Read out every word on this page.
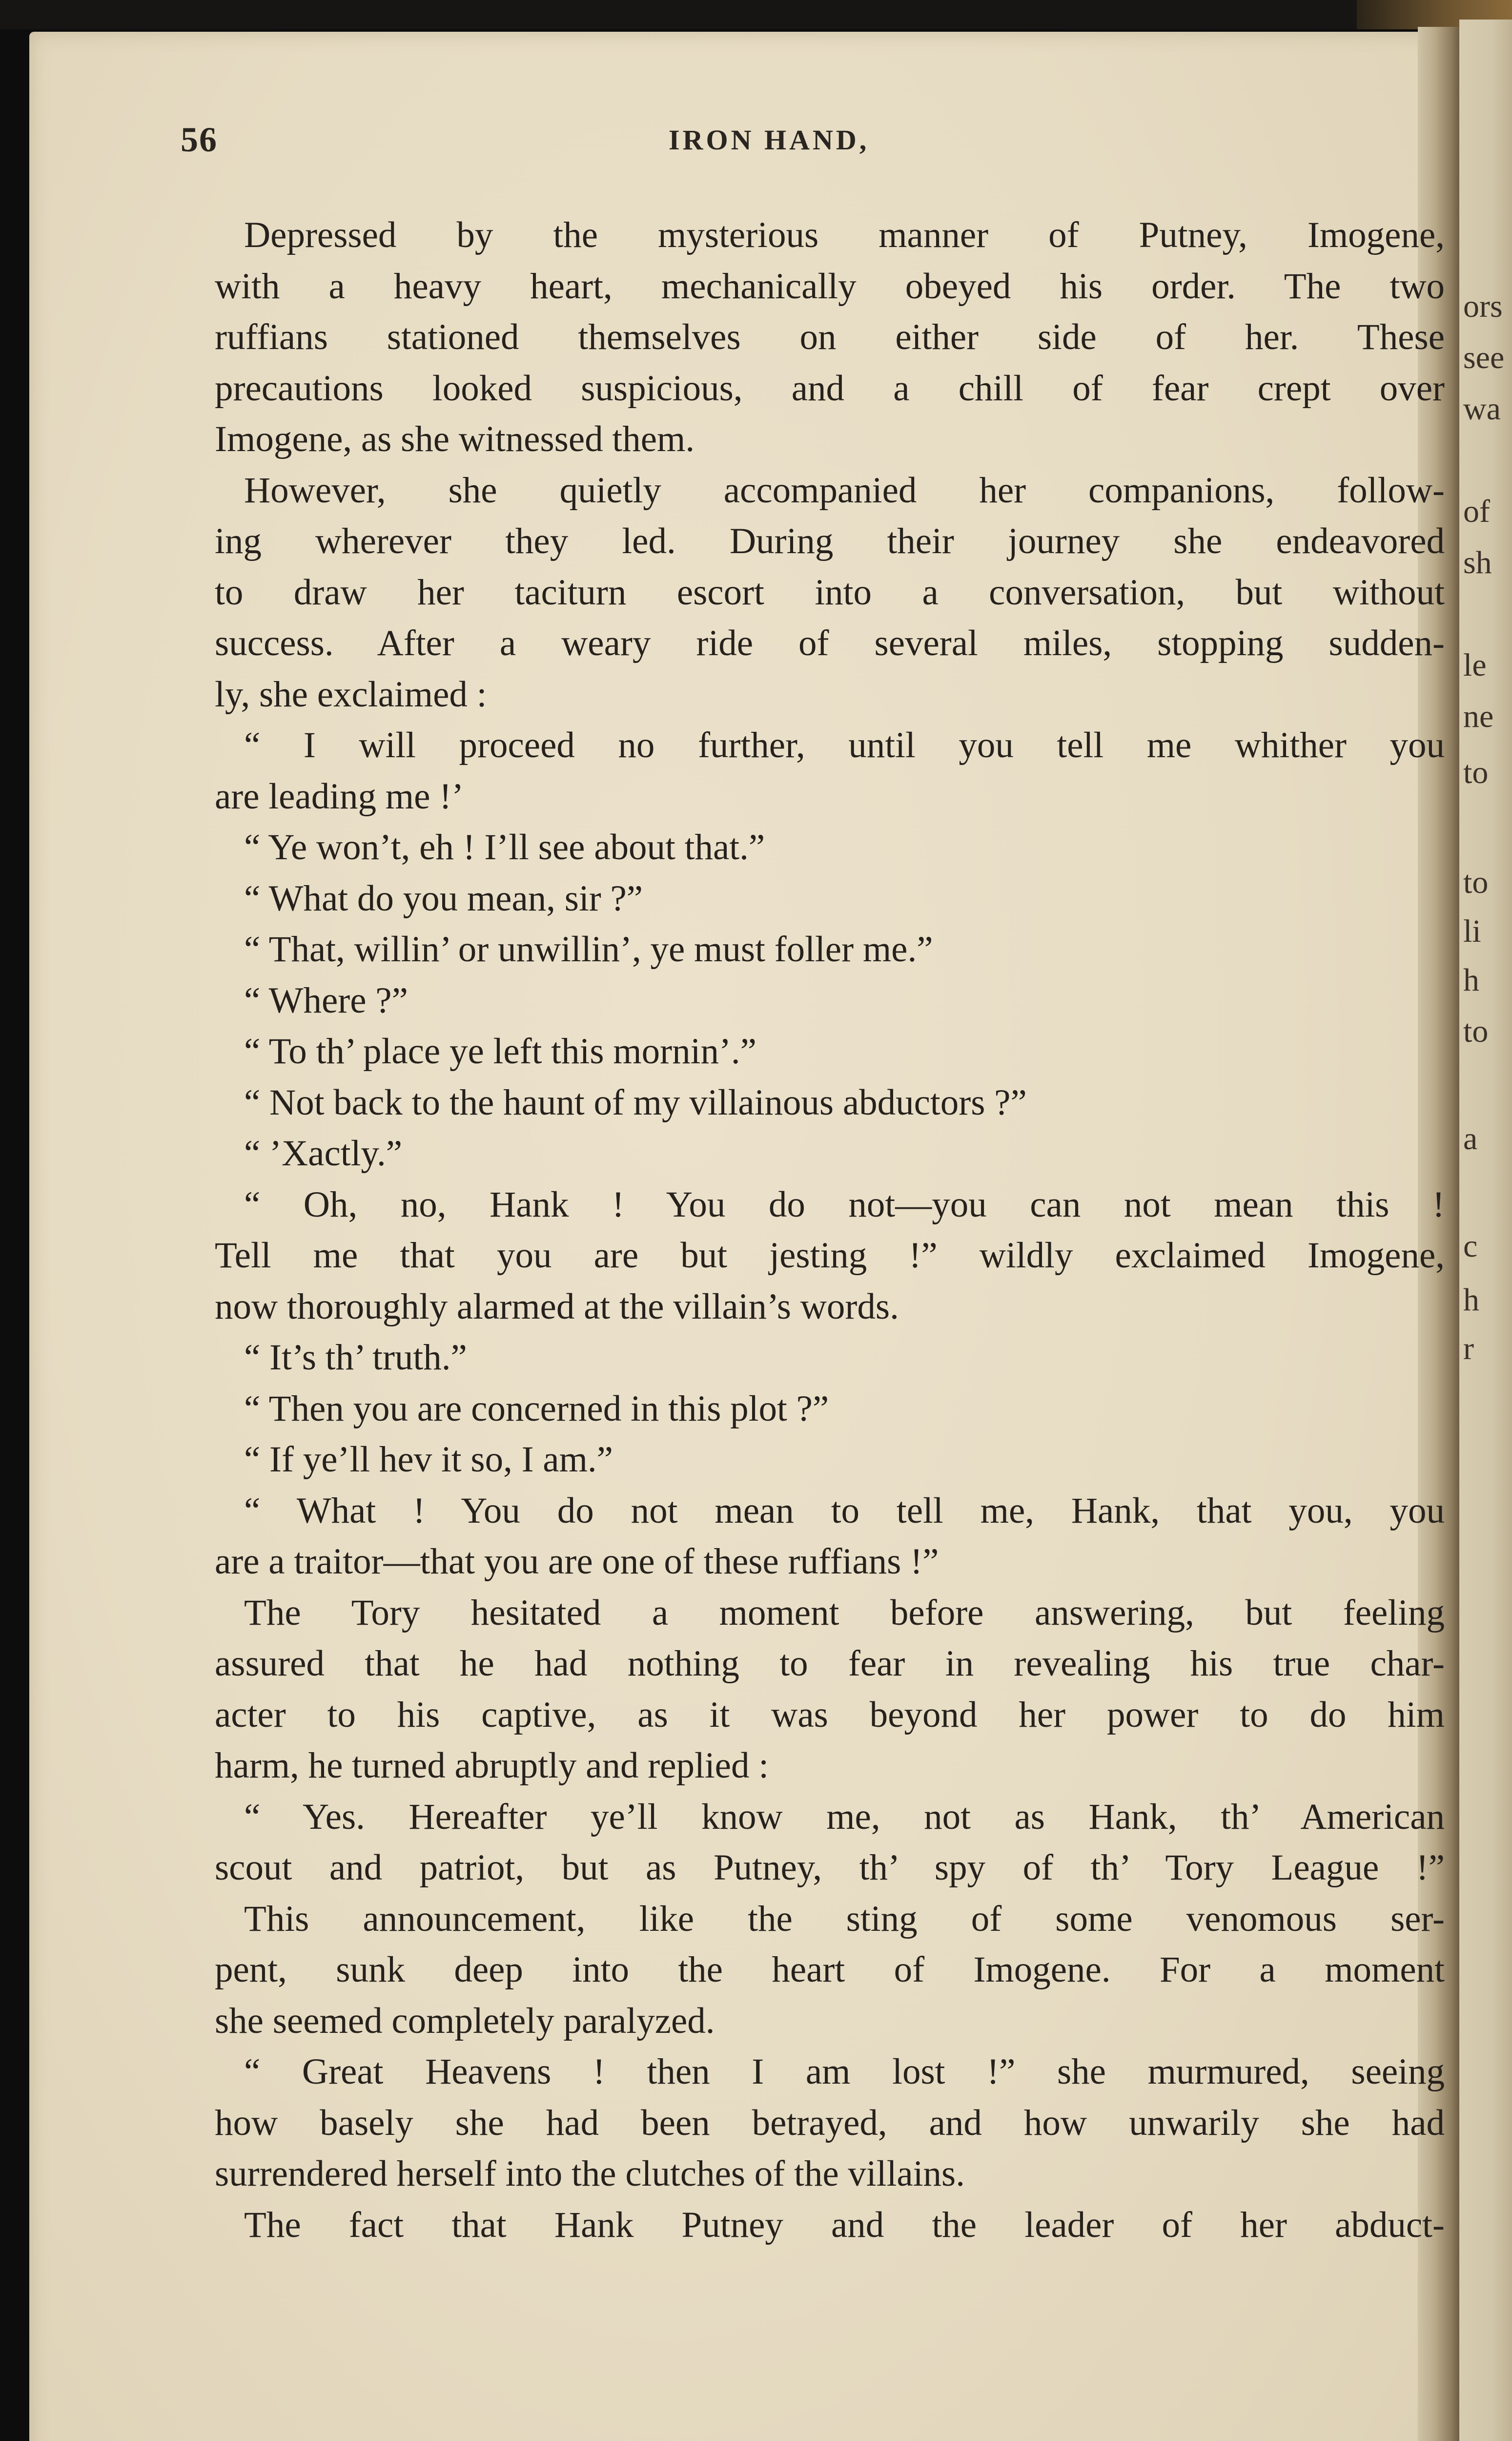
ors
see
wa
of
sh
le
ne
to
to
li
h
to
a
c
h
r
56	IRON HAND,

Depressed by the mysterious manner of Putney, Imogene,
with a heavy heart, mechanically obeyed his order. The two
ruffians stationed themselves on either side of her. These
precautions looked suspicious, and a chill of fear crept over
Imogene, as she witnessed them.

However, she quietly accompanied her companions, follow-
ing wherever they led. During their journey she endeavored
to draw her taciturn escort into a conversation, but without
success. After a weary ride of several miles, stopping sudden-
ly, she exclaimed :

“ I will proceed no further, until you tell me whither you
are leading me !’

“ Ye won’t, eh ! I’ll see about that.”

“ What do you mean, sir ?”

“ That, willin’ or unwillin’, ye must foller me.”

“ Where ?”

“ To th’ place ye left this mornin’.”

“ Not back to the haunt of my villainous abductors ?”

“ ’Xactly.”

“ Oh, no, Hank ! You do not—you can not mean this !
Tell me that you are but jesting !” wildly exclaimed Imogene,
now thoroughly alarmed at the villain’s words.

“ It’s th’ truth.”

“ Then you are concerned in this plot ?”

“ If ye’ll hev it so, I am.”

“ What ! You do not mean to tell me, Hank, that you, you
are a traitor—that you are one of these ruffians !”

The Tory hesitated a moment before answering, but feeling
assured that he had nothing to fear in revealing his true char-
acter to his captive, as it was beyond her power to do him
harm, he turned abruptly and replied :

“ Yes. Hereafter ye’ll know me, not as Hank, th’ American
scout and patriot, but as Putney, th’ spy of th’ Tory League !”

This announcement, like the sting of some venomous ser-
pent, sunk deep into the heart of Imogene. For a moment
she seemed completely paralyzed.

“ Great Heavens ! then I am lost !” she murmured, seeing
how basely she had been betrayed, and how unwarily she had
surrendered herself into the clutches of the villains.

The fact that Hank Putney and the leader of her abduct-
